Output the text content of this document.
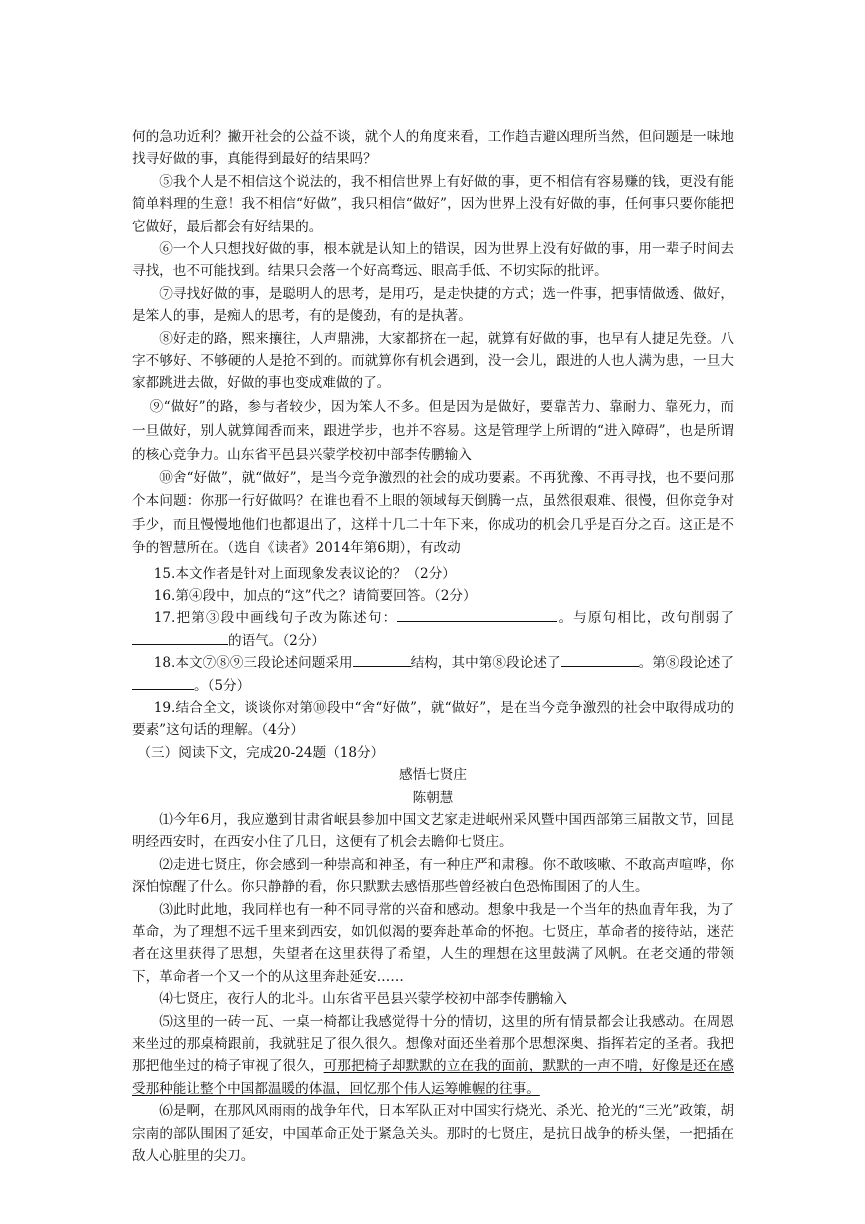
何的急功近利？撇开社会的公益不谈，就个人的角度来看，工作趋吉避凶理所当然，但问题是一味地找寻好做的事，真能得到最好的结果吗？

⑤我个人是不相信这个说法的，我不相信世界上有好做的事，更不相信有容易赚的钱，更没有能简单料理的生意！我不相信“好做”，我只相信“做好”，因为世界上没有好做的事，任何事只要你能把它做好，最后都会有好结果的。

⑥一个人只想找好做的事，根本就是认知上的错误，因为世界上没有好做的事，用一辈子时间去寻找，也不可能找到。结果只会落一个好高骛远、眼高手低、不切实际的批评。

⑦寻找好做的事，是聪明人的思考，是用巧，是走快捷的方式；选一件事，把事情做透、做好，是笨人的事，是痴人的思考，有的是傻劲，有的是执著。

⑧好走的路，熙来攘往，人声鼎沸，大家都挤在一起，就算有好做的事，也早有人捷足先登。八字不够好、不够硬的人是抢不到的。而就算你有机会遇到，没一会儿，跟进的人也人满为患，一旦大家都跳进去做，好做的事也变成难做的了。

⑨“做好”的路，参与者较少，因为笨人不多。但是因为是做好，要靠苦力、靠耐力、靠死力，而一旦做好，别人就算闻香而来，跟进学步，也并不容易。这是管理学上所谓的“进入障碍”，也是所谓的核心竞争力。山东省平邑县兴蒙学校初中部李传鹏输入

⑩舍“好做”，就“做好”，是当今竞争激烈的社会的成功要素。不再犹豫、不再寻找，也不要问那个本问题：你那一行好做吗？在谁也看不上眼的领域每天倒腾一点，虽然很艰难、很慢，但你竞争对手少，而且慢慢地他们也都退出了，这样十几二十年下来，你成功的机会几乎是百分之百。这正是不争的智慧所在。（选自《读者》2014年第6期），有改动

15.本文作者是针对上面现象发表议论的？（2分）

16.第④段中，加点的“这”代之？请简要回答。（2分）

17.把第③段中画线句子改为陈述句：	。与原句相比，改句削弱了的语气。（2分）

18.本文⑦⑧⑨三段论述问题采用	结构，其中第⑧段论述了	。第⑧段论述了。（5分）

19.结合全文，谈谈你对第⑩段中“舍“好做”，就“做好”，是在当今竞争激烈的社会中取得成功的要素”这句话的理解。（4分）

（三）阅读下文，完成20-24题（18分）

感悟七贤庄

陈朝慧

⑴今年6月，我应邀到甘肃省岷县参加中国文艺家走进岷州采风暨中国西部第三届散文节，回昆明经西安时，在西安小住了几日，这便有了机会去瞻仰七贤庄。

⑵走进七贤庄，你会感到一种崇高和神圣，有一种庄严和肃穆。你不敢咳嗽、不敢高声喧哗，你深怕惊醒了什么。你只静静的看，你只默默去感悟那些曾经被白色恐怖围困了的人生。

⑶此时此地，我同样也有一种不同寻常的兴奋和感动。想象中我是一个当年的热血青年我，为了革命，为了理想不远千里来到西安，如饥似渴的要奔赴革命的怀抱。七贤庄，革命者的接待站，迷茫者在这里获得了思想，失望者在这里获得了希望，人生的理想在这里鼓满了风帆。在老交通的带领下，革命者一个又一个的从这里奔赴延安……

⑷七贤庄，夜行人的北斗。山东省平邑县兴蒙学校初中部李传鹏输入

⑸这里的一砖一瓦、一桌一椅都让我感觉得十分的情切，这里的所有情景都会让我感动。在周恩来坐过的那桌椅跟前，我就驻足了很久很久。想像对面还坐着那个思想深奥、指挥若定的圣者。我把那把他坐过的椅子审视了很久，可那把椅子却默默的立在我的面前，默默的一声不啃，好像是还在感受那种能让整个中国都温暖的体温，回忆那个伟人运筹帷幄的往事。

⑹是啊，在那风风雨雨的战争年代，日本军队正对中国实行烧光、杀光、抢光的“三光”政策，胡宗南的部队围困了延安，中国革命正处于紧急关头。那时的七贤庄，是抗日战争的桥头堡，一把插在敌人心脏里的尖刀。
